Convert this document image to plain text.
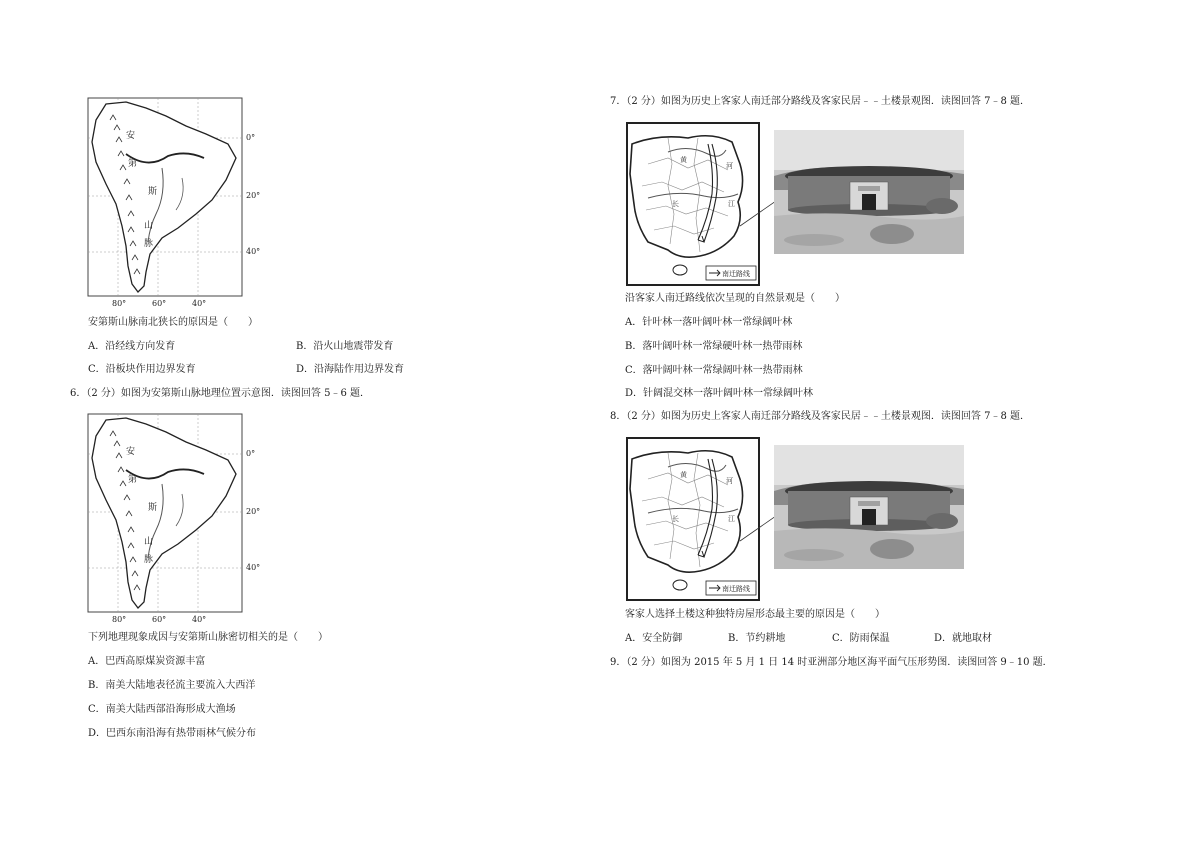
安
第
斯
山
脉
0°
20°
40°
80°	60°	40°
安第斯山脉南北狭长的原因是（　　）
A．沿经线方向发育	B．沿火山地震带发育
C．沿板块作用边界发育	D．沿海陆作用边界发育
6．（2 分）如图为安第斯山脉地理位置示意图．读图回答 5﹣6 题．
安
第
斯
山
脉
0°
20°
40°
80°	60°	40°
下列地理现象成因与安第斯山脉密切相关的是（　　）
A．巴西高原煤炭资源丰富
B．南美大陆地表径流主要流入大西洋
C．南美大陆西部沿海形成大渔场
D．巴西东南沿海有热带雨林气候分布
7．（2 分）如图为历史上客家人南迁部分路线及客家民居﹣﹣土楼景观图．读图回答 7﹣8 题．
黄
河
长	江
南迁路线
沿客家人南迁路线依次呈现的自然景观是（　　）
A．针叶林一落叶阔叶林一常绿阔叶林
B．落叶阔叶林一常绿硬叶林一热带雨林
C．落叶阔叶林一常绿阔叶林一热带雨林
D．针阔混交林一落叶阔叶林一常绿阔叶林
8．（2 分）如图为历史上客家人南迁部分路线及客家民居﹣﹣土楼景观图．读图回答 7﹣8 题．
黄
河
长	江
南迁路线
客家人选择土楼这种独特房屋形态最主要的原因是（　　）
A．安全防御	B．节约耕地	C．防雨保温	D．就地取材
9．（2 分）如图为 2015 年 5 月 1 日 14 时亚洲部分地区海平面气压形势图．读图回答 9﹣10 题．
